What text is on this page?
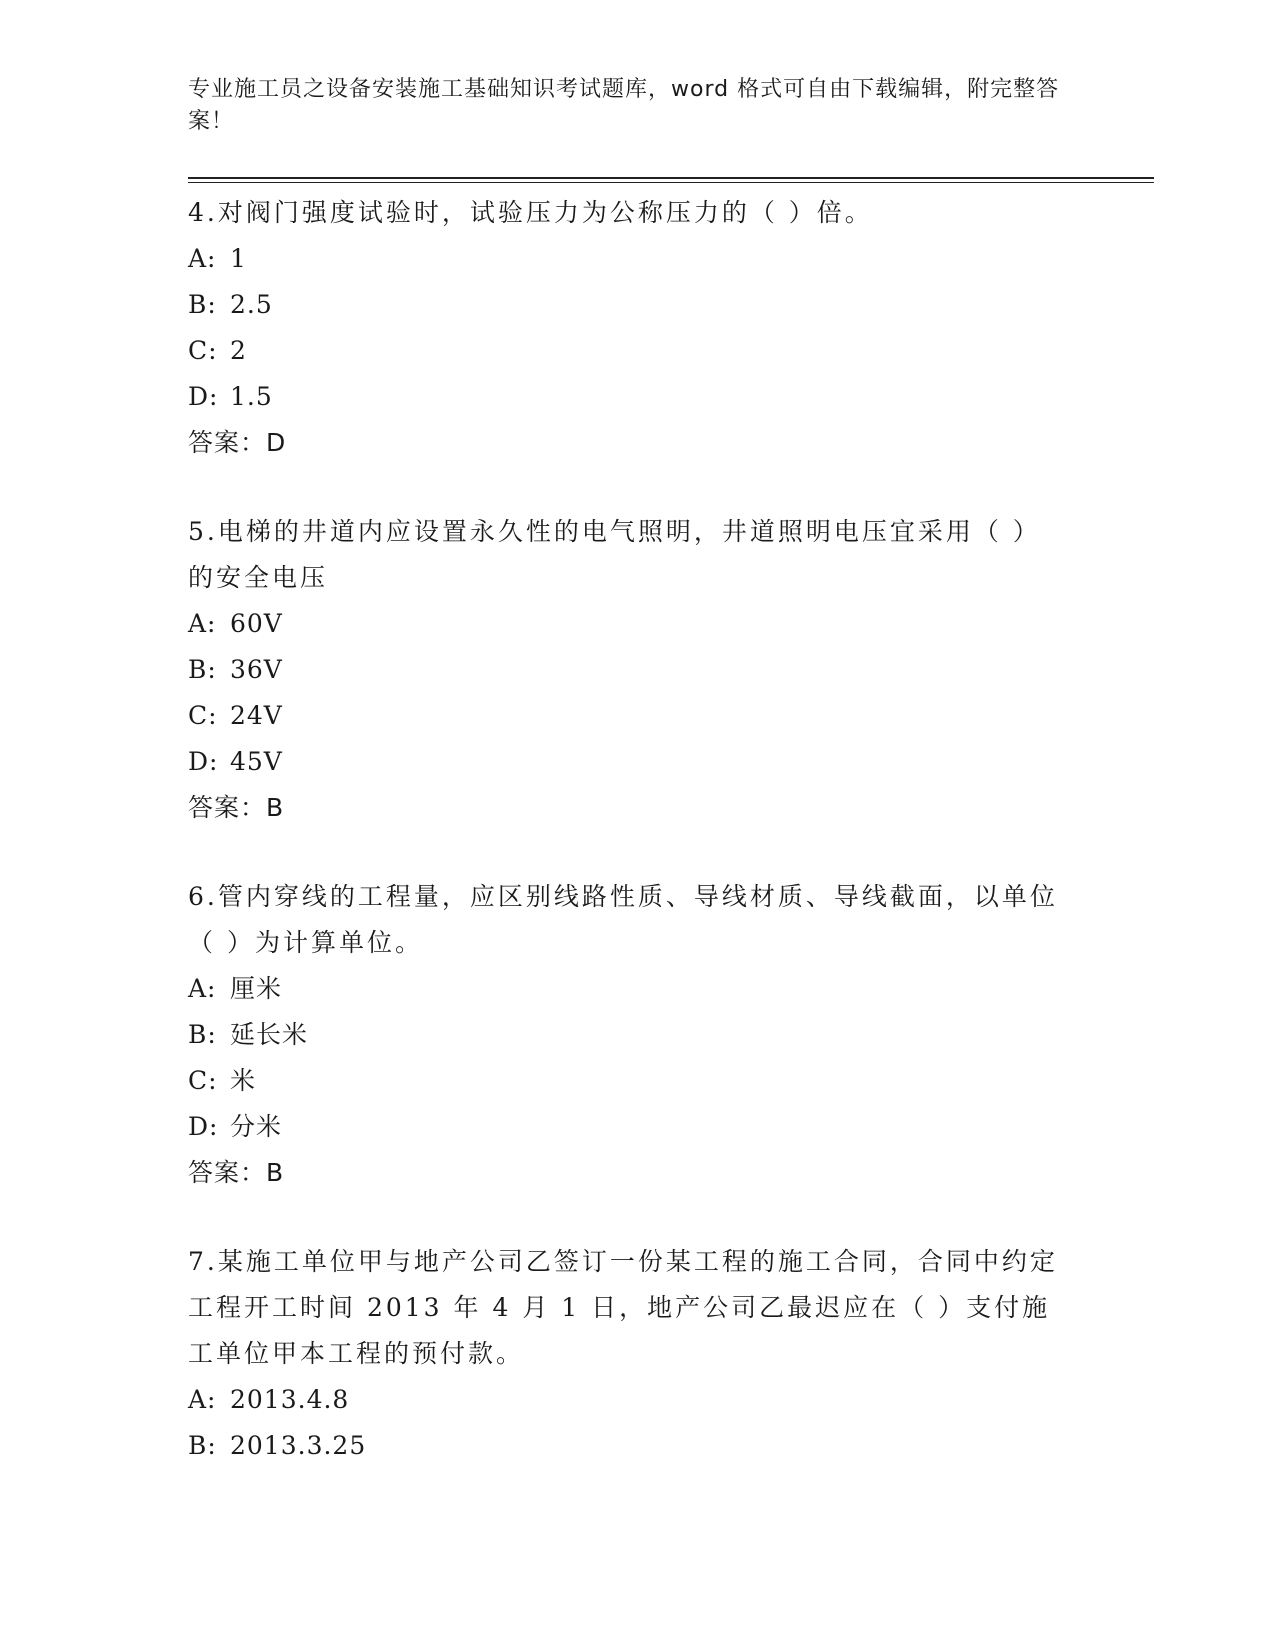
专业施工员之设备安装施工基础知识考试题库，word 格式可自由下载编辑，附完整答案！

4.对阀门强度试验时，试验压力为公称压力的（ ）倍。

A: 1

B: 2.5

C: 2

D: 1.5

答案：D

5.电梯的井道内应设置永久性的电气照明，井道照明电压宜采用（ ）的安全电压

A: 60V

B: 36V

C: 24V

D: 45V

答案：B

6.管内穿线的工程量，应区别线路性质、导线材质、导线截面，以单位（ ）为计算单位。

A: 厘米

B: 延长米

C: 米

D: 分米

答案：B

7.某施工单位甲与地产公司乙签订一份某工程的施工合同，合同中约定工程开工时间 2013 年 4 月 1 日，地产公司乙最迟应在（ ）支付施工单位甲本工程的预付款。

A: 2013.4.8

B: 2013.3.25
